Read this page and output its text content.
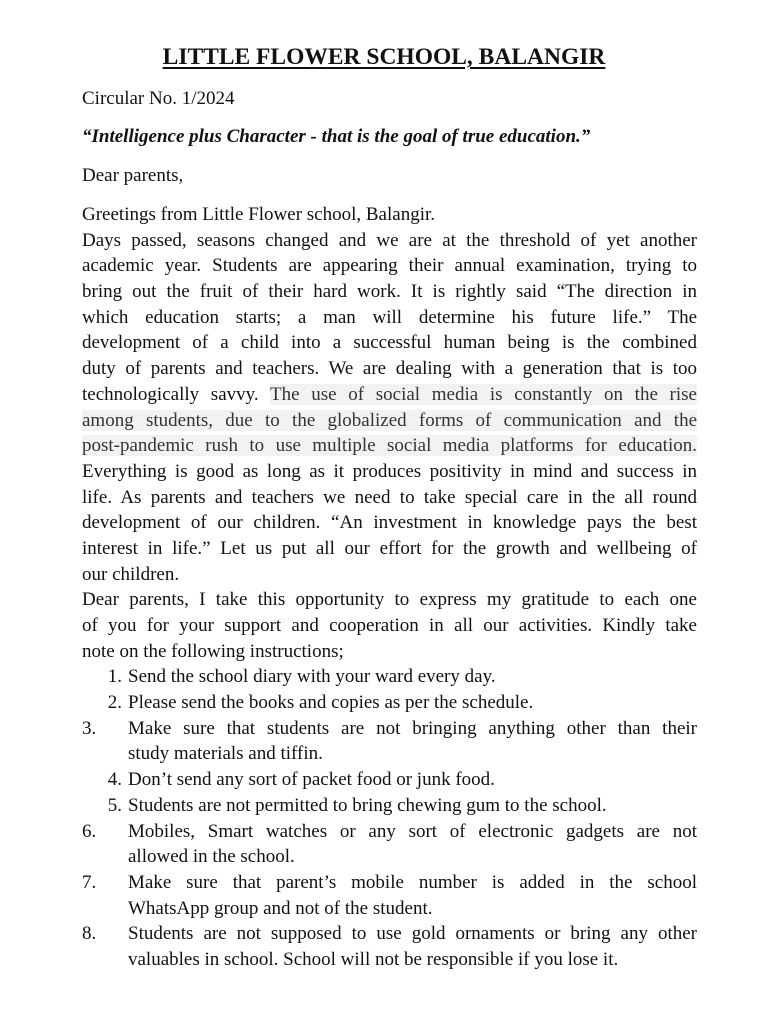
LITTLE FLOWER SCHOOL, BALANGIR
Circular No. 1/2024
“Intelligence plus Character - that is the goal of true education.”
Dear parents,
Greetings from Little Flower school, Balangir.
Days passed, seasons changed and we are at the threshold of yet another
academic year. Students are appearing their annual examination, trying to
bring out the fruit of their hard work. It is rightly said “The direction in
which education starts; a man will determine his future life.” The
development of a child into a successful human being is the combined
duty of parents and teachers. We are dealing with a generation that is too
technologically savvy. The use of social media is constantly on the rise
among students, due to the globalized forms of communication and the
post-pandemic rush to use multiple social media platforms for education.
Everything is good as long as it produces positivity in mind and success in
life. As parents and teachers we need to take special care in the all round
development of our children. “An investment in knowledge pays the best
interest in life.” Let us put all our effort for the growth and wellbeing of
our children.
Dear parents, I take this opportunity to express my gratitude to each one
of you for your support and cooperation in all our activities. Kindly take
note on the following instructions;
1. Send the school diary with your ward every day.
2. Please send the books and copies as per the schedule.
3.	Make sure that students are not bringing anything other than their
study materials and tiffin.
4. Don’t send any sort of packet food or junk food.
5. Students are not permitted to bring chewing gum to the school.
6.	Mobiles, Smart watches or any sort of electronic gadgets are not
allowed in the school.
7.	Make sure that parent’s mobile number is added in the school
WhatsApp group and not of the student.
8.	Students are not supposed to use gold ornaments or bring any other
valuables in school. School will not be responsible if you lose it.
